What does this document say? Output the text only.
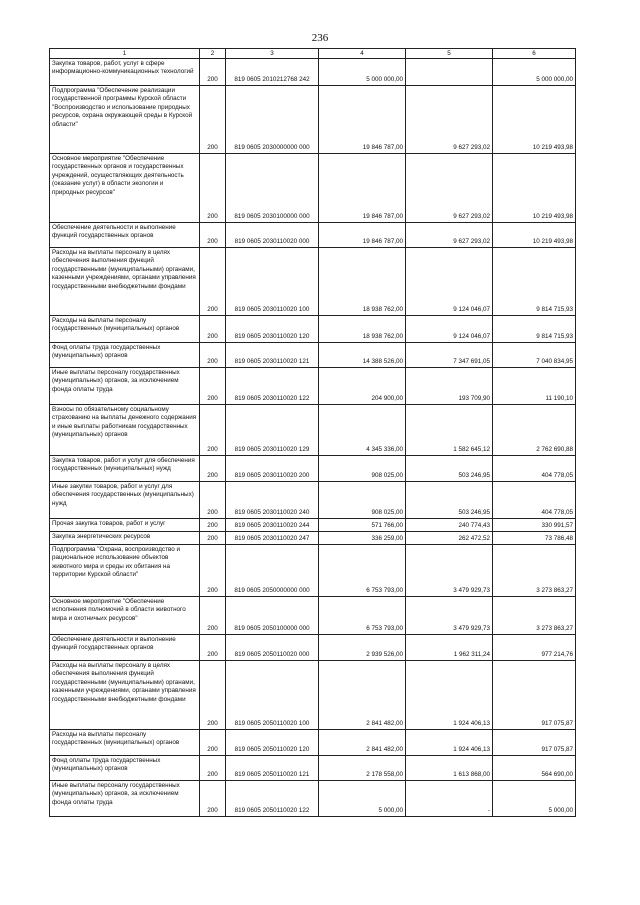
236
1	2	3	4	5	6
Закупка товаров, работ, услуг в сфере информационно-коммуникационных технологий	200	819 0605 2010212768 242	5 000 000,00		5 000 000,00
Подпрограмма "Обеспечение реализации государственной программы Курской области "Воспроизводство и использование природных ресурсов, охрана окружающей среды в Курской области"	200	819 0605 2030000000 000	19 846 787,00	9 627 293,02	10 219 493,98
Основное мероприятие "Обеспечение государственных органов и государственных учреждений, осуществляющих деятельность (оказание услуг) в области экологии и природных ресурсов"	200	819 0605 2030100000 000	19 846 787,00	9 627 293,02	10 219 493,98
Обеспечение деятельности и выполнение функций государственных органов	200	819 0605 2030110020 000	19 846 787,00	9 627 293,02	10 219 493,98
Расходы на выплаты персоналу в целях обеспечения выполнения функций государственными (муниципальными) органами, казенными учреждениями, органами управления государственными внебюджетными фондами	200	819 0605 2030110020 100	18 938 762,00	9 124 046,07	9 814 715,93
Расходы на выплаты персоналу государственных (муниципальных) органов	200	819 0605 2030110020 120	18 938 762,00	9 124 046,07	9 814 715,93
Фонд оплаты труда государственных (муниципальных) органов	200	819 0605 2030110020 121	14 388 526,00	7 347 691,05	7 040 834,95
Иные выплаты персоналу государственных (муниципальных) органов, за исключением фонда оплаты труда	200	819 0605 2030110020 122	204 900,00	193 709,90	11 190,10
Взносы по обязательному социальному страхованию на выплаты денежного содержания и иные выплаты работникам государственных (муниципальных) органов	200	819 0605 2030110020 129	4 345 336,00	1 582 645,12	2 762 690,88
Закупка товаров, работ и услуг для обеспечения государственных (муниципальных) нужд	200	819 0605 2030110020 200	908 025,00	503 246,95	404 778,05
Иные закупки товаров, работ и услуг для обеспечения государственных (муниципальных) нужд	200	819 0605 2030110020 240	908 025,00	503 246,95	404 778,05
Прочая закупка товаров, работ и услуг	200	819 0605 2030110020 244	571 766,00	240 774,43	330 991,57
Закупка энергетических ресурсов	200	819 0605 2030110020 247	336 259,00	262 472,52	73 786,48
Подпрограмма "Охрана, воспроизводство и рациональное использование объектов животного мира и среды их обитания на территории Курской области"	200	819 0605 2050000000 000	6 753 793,00	3 479 929,73	3 273 863,27
Основное мероприятие "Обеспечение исполнения полномочий в области животного мира и охотничьих ресурсов"	200	819 0605 2050100000 000	6 753 793,00	3 479 929,73	3 273 863,27
Обеспечение деятельности и выполнение функций государственных органов	200	819 0605 2050110020 000	2 939 526,00	1 962 311,24	977 214,76
Расходы на выплаты персоналу в целях обеспечения выполнения функций государственными (муниципальными) органами, казенными учреждениями, органами управления государственными внебюджетными фондами	200	819 0605 2050110020 100	2 841 482,00	1 924 406,13	917 075,87
Расходы на выплаты персоналу государственных (муниципальных) органов	200	819 0605 2050110020 120	2 841 482,00	1 924 406,13	917 075,87
Фонд оплаты труда государственных (муниципальных) органов	200	819 0605 2050110020 121	2 178 558,00	1 613 868,00	564 690,00
Иные выплаты персоналу государственных (муниципальных) органов, за исключением фонда оплаты труда	200	819 0605 2050110020 122	5 000,00	-	5 000,00
